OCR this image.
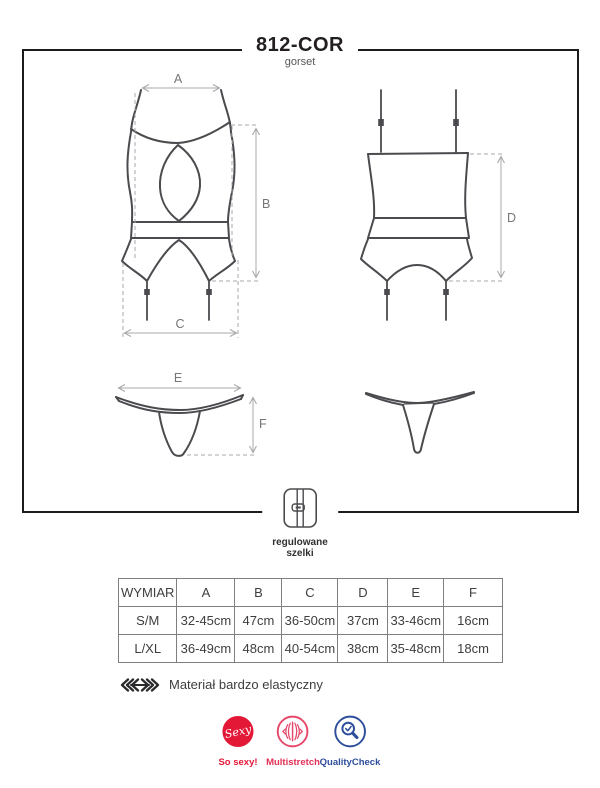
A
B
C
D
E
F
812-COR
gorset
regulowane
szelki
WYMIAR	A	B	C	D	E	F
S/M	32-45cm	47cm	36-50cm	37cm	33-46cm	16cm
L/XL	36-49cm	48cm	40-54cm	38cm	35-48cm	18cm
Materiał bardzo elastyczny
Sexy
So sexy! Multistretch QualityCheck
